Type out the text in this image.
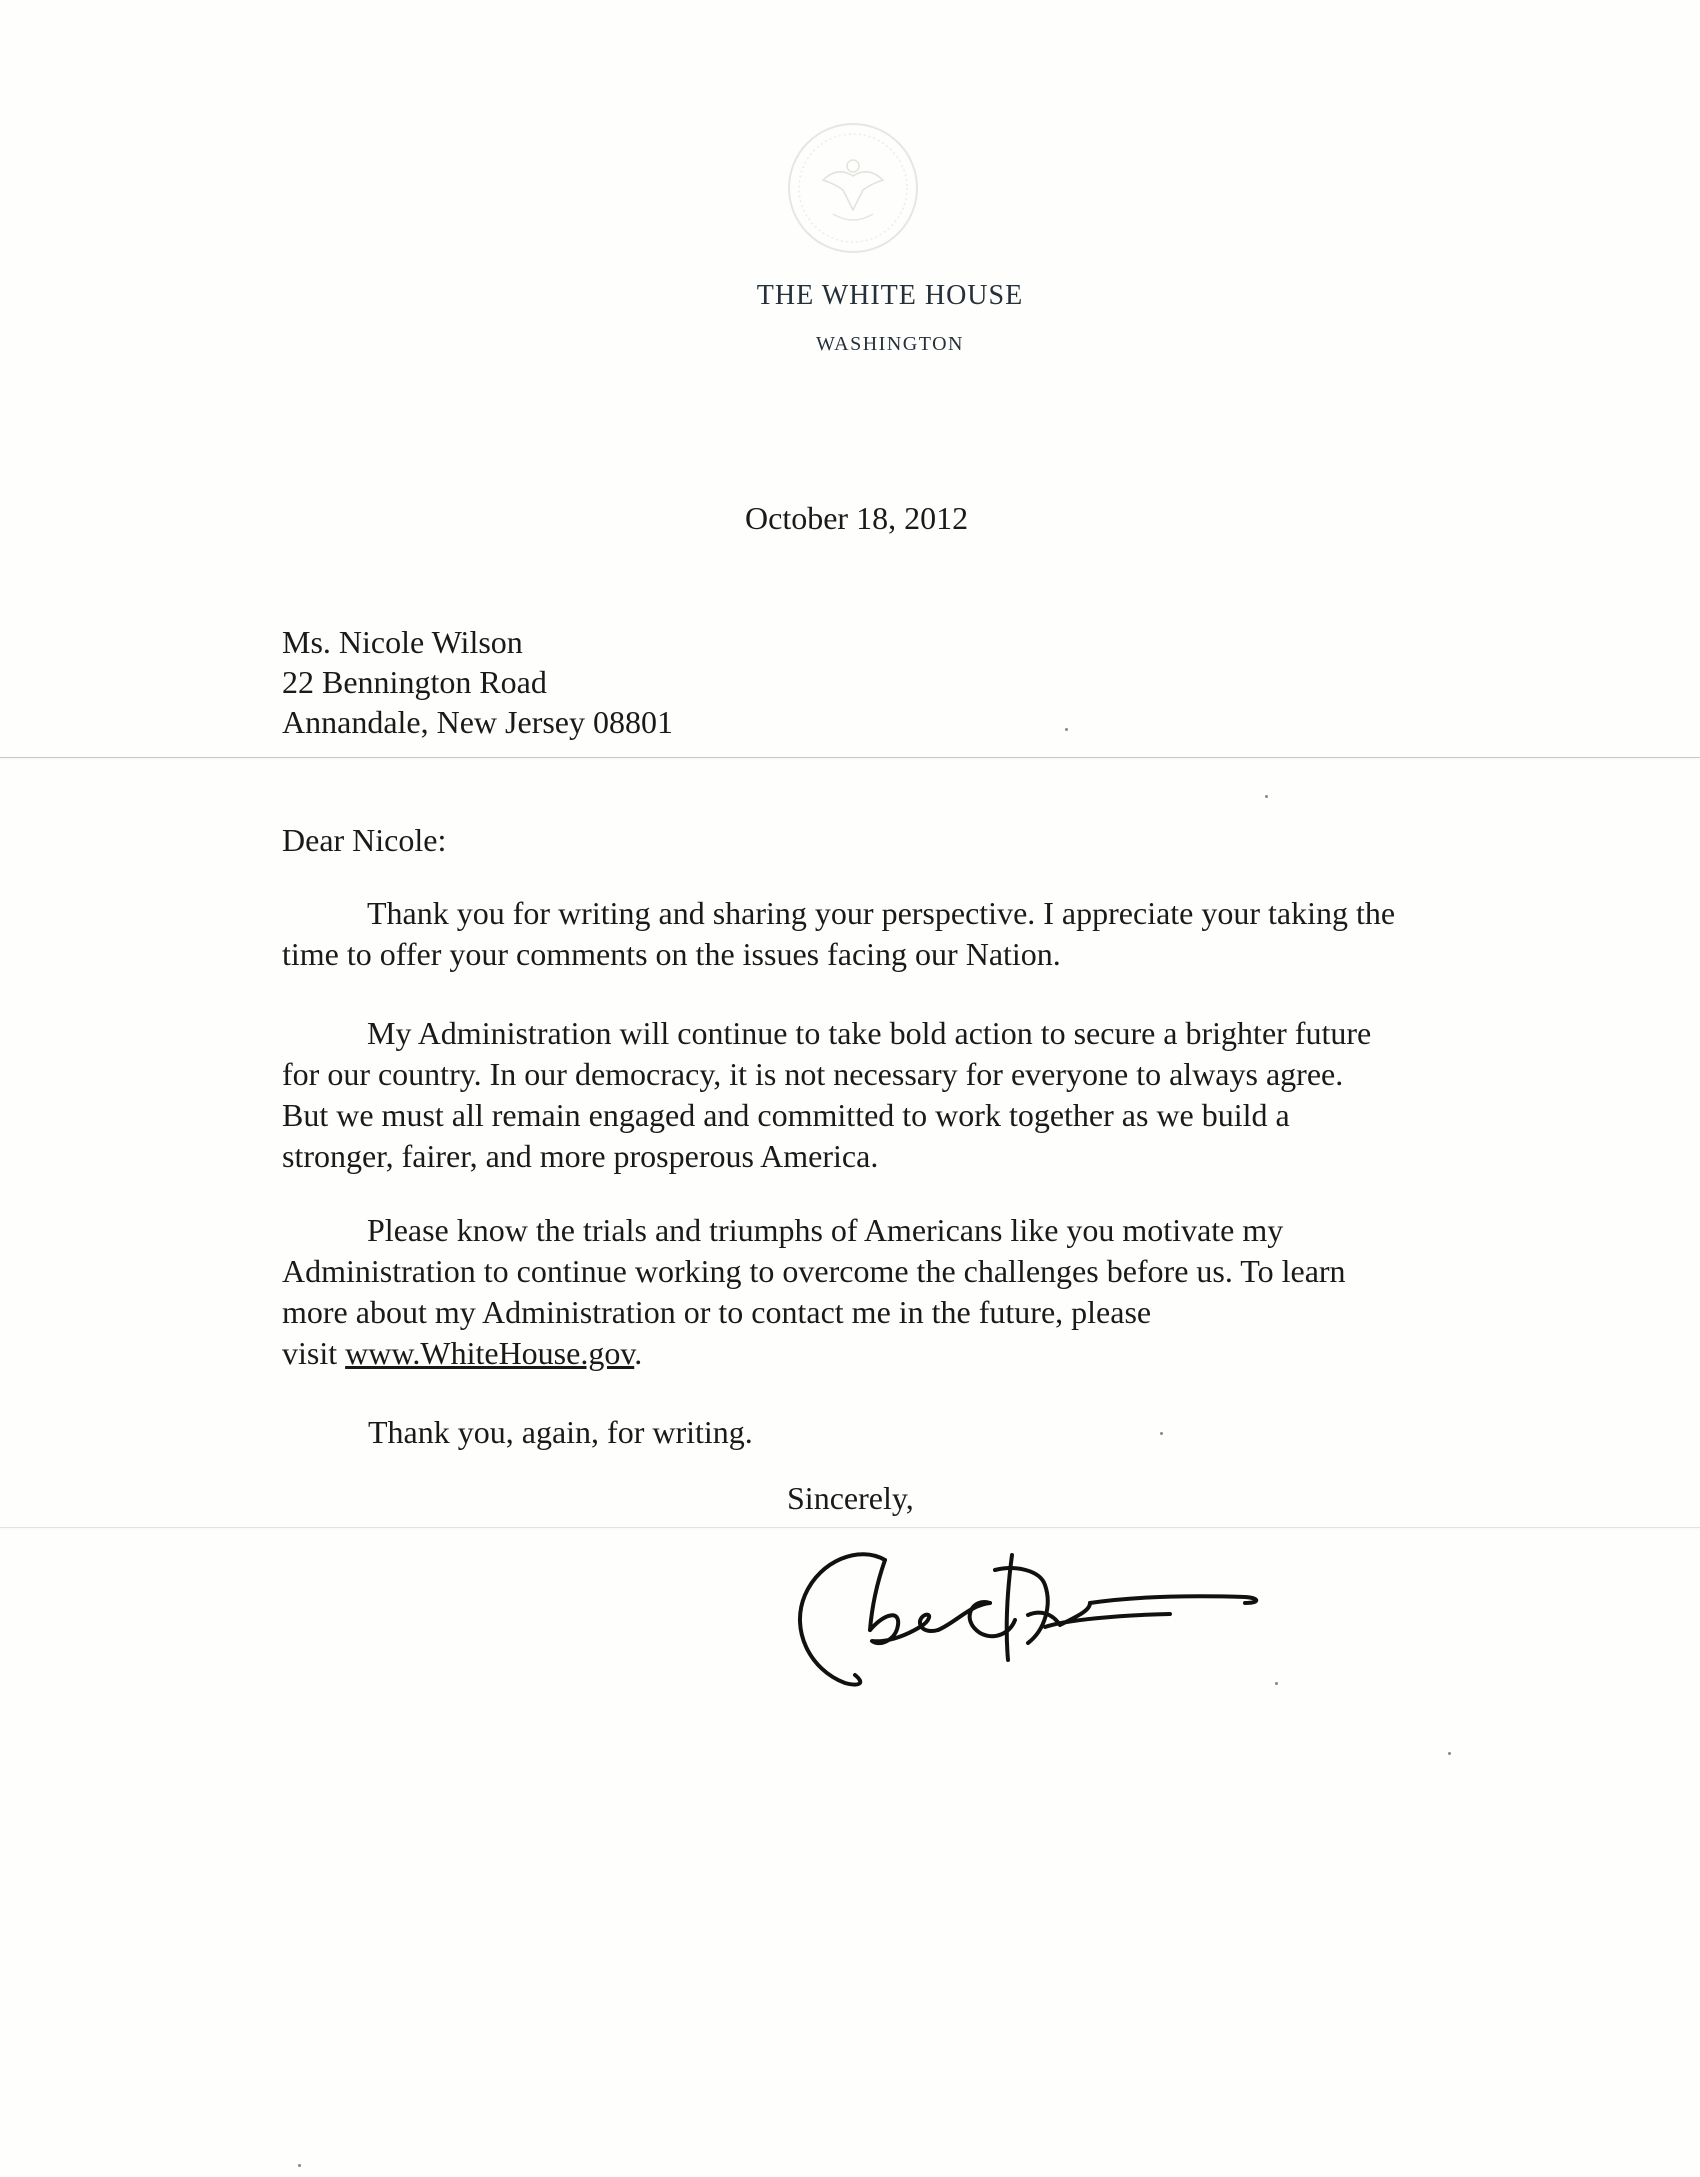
THE WHITE HOUSE
WASHINGTON
October 18, 2012
Ms. Nicole Wilson
22 Bennington Road
Annandale, New Jersey 08801
Dear Nicole:
Thank you for writing and sharing your perspective. I appreciate your taking the
time to offer your comments on the issues facing our Nation.
My Administration will continue to take bold action to secure a brighter future
for our country. In our democracy, it is not necessary for everyone to always agree.
But we must all remain engaged and committed to work together as we build a
stronger, fairer, and more prosperous America.
Please know the trials and triumphs of Americans like you motivate my
Administration to continue working to overcome the challenges before us. To learn
more about my Administration or to contact me in the future, please
visit www.WhiteHouse.gov.
Thank you, again, for writing.
Sincerely,
